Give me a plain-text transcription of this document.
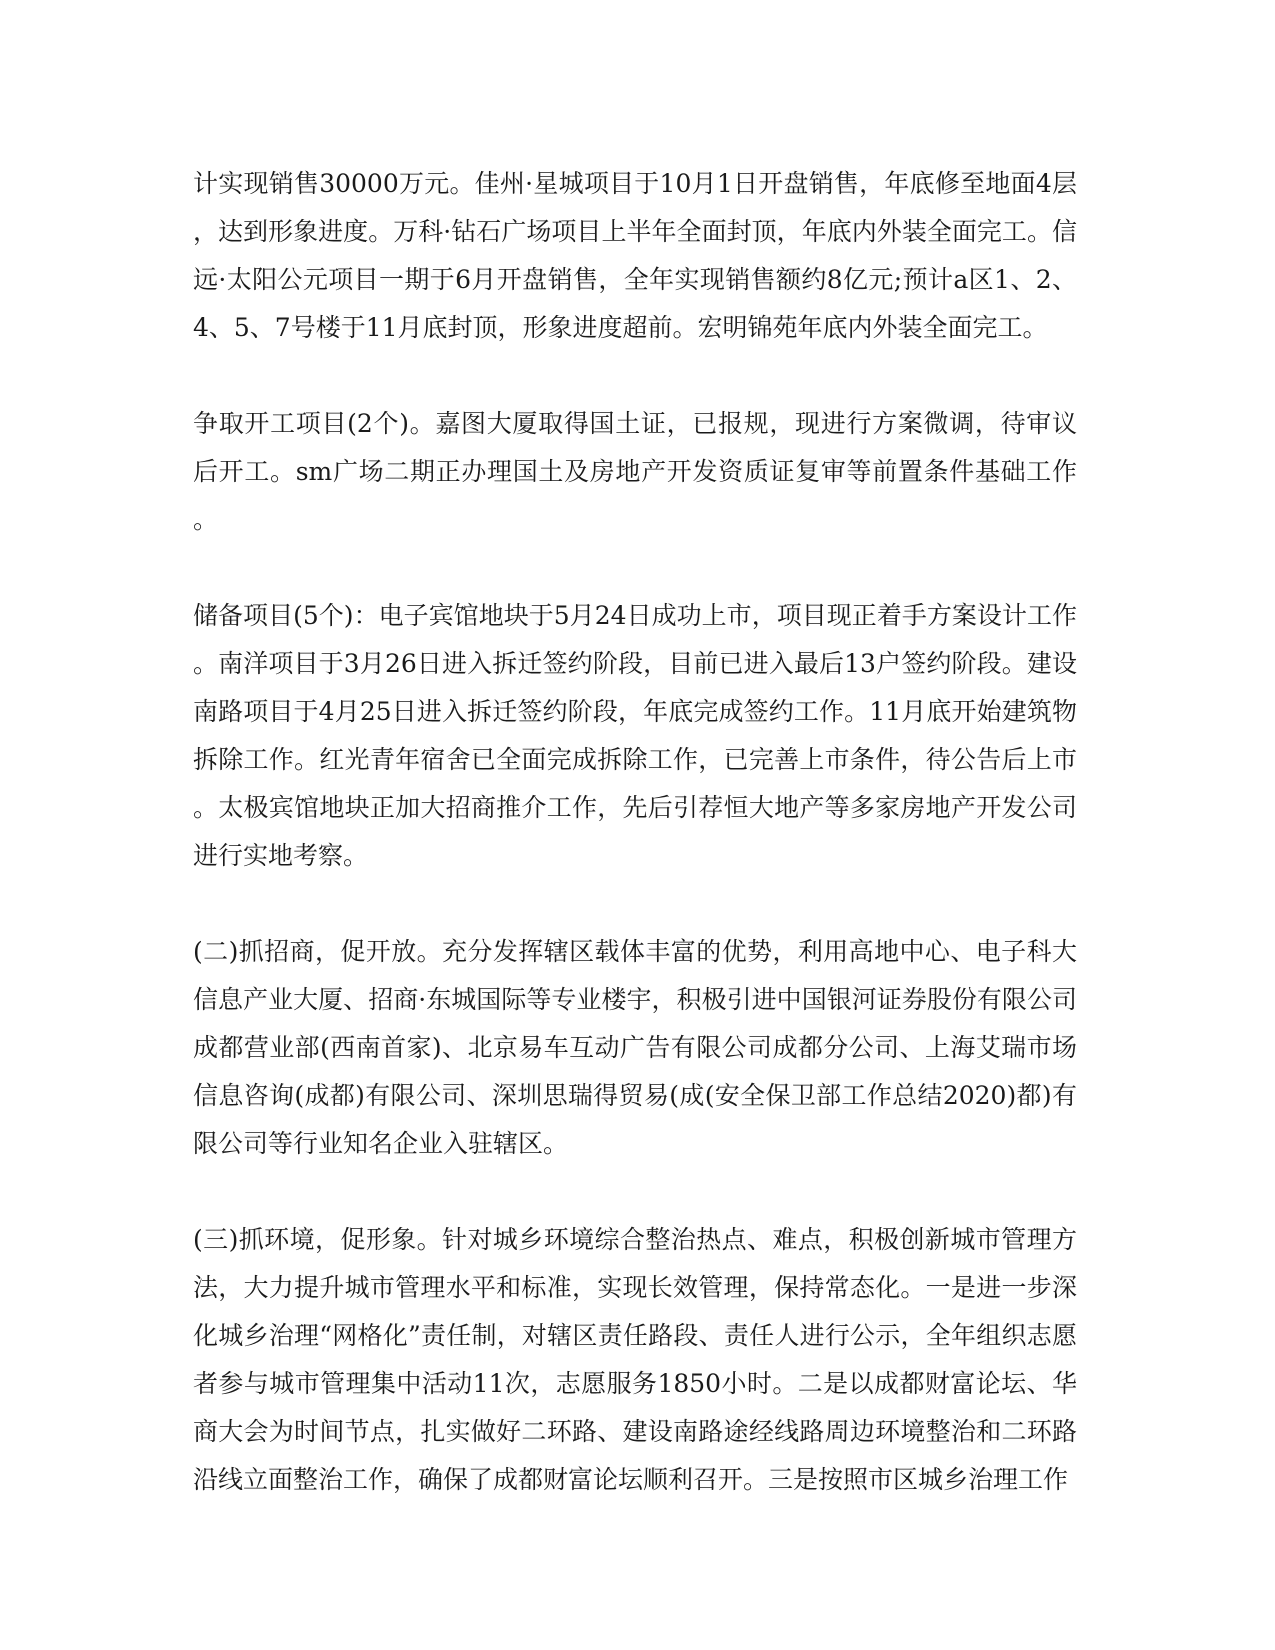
计实现销售30000万元。佳州·星城项目于10月1日开盘销售，年底修至地面4层，达到形象进度。万科·钻石广场项目上半年全面封顶，年底内外装全面完工。信远·太阳公元项目一期于6月开盘销售，全年实现销售额约8亿元;预计a区1、2、4、5、7号楼于11月底封顶，形象进度超前。宏明锦苑年底内外装全面完工。

争取开工项目(2个)。嘉图大厦取得国土证，已报规，现进行方案微调，待审议后开工。sm广场二期正办理国土及房地产开发资质证复审等前置条件基础工作。

储备项目(5个)：电子宾馆地块于5月24日成功上市，项目现正着手方案设计工作。南洋项目于3月26日进入拆迁签约阶段，目前已进入最后13户签约阶段。建设南路项目于4月25日进入拆迁签约阶段，年底完成签约工作。11月底开始建筑物拆除工作。红光青年宿舍已全面完成拆除工作，已完善上市条件，待公告后上市。太极宾馆地块正加大招商推介工作，先后引荐恒大地产等多家房地产开发公司进行实地考察。

(二)抓招商，促开放。充分发挥辖区载体丰富的优势，利用高地中心、电子科大信息产业大厦、招商·东城国际等专业楼宇，积极引进中国银河证券股份有限公司成都营业部(西南首家)、北京易车互动广告有限公司成都分公司、上海艾瑞市场信息咨询(成都)有限公司、深圳思瑞得贸易(成(安全保卫部工作总结2020)都)有限公司等行业知名企业入驻辖区。

(三)抓环境，促形象。针对城乡环境综合整治热点、难点，积极创新城市管理方法，大力提升城市管理水平和标准，实现长效管理，保持常态化。一是进一步深化城乡治理“网格化”责任制，对辖区责任路段、责任人进行公示，全年组织志愿者参与城市管理集中活动11次，志愿服务1850小时。二是以成都财富论坛、华商大会为时间节点，扎实做好二环路、建设南路途经线路周边环境整治和二环路沿线立面整治工作，确保了成都财富论坛顺利召开。三是按照市区城乡治理工作
